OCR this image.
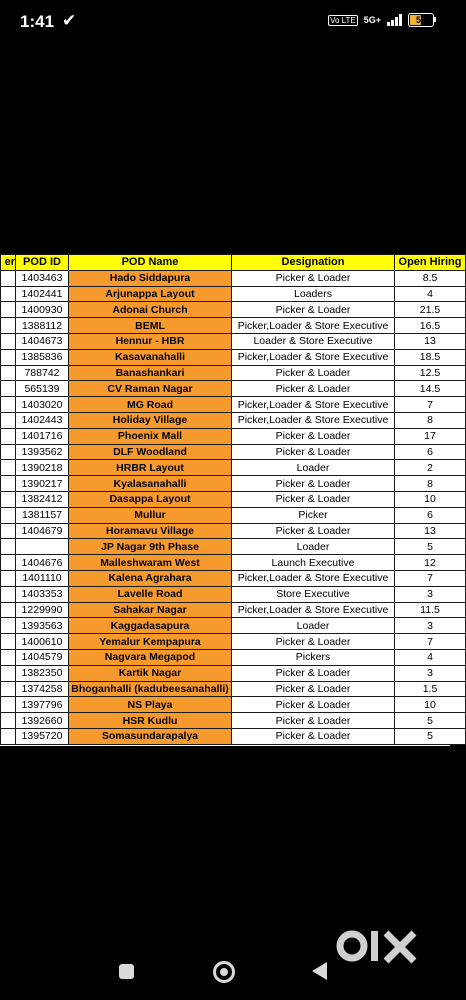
1:41 ✔	Vo LTE 5G+	55
er	POD ID	POD Name	Designation	Open Hiring
	1403463	Hado Siddapura	Picker & Loader	8.5
	1402441	Arjunappa Layout	Loaders	4
	1400930	Adonai Church	Picker & Loader	21.5
	1388112	BEML	Picker,Loader & Store Executive	16.5
	1404673	Hennur - HBR	Loader & Store Executive	13
	1385836	Kasavanahalli	Picker,Loader & Store Executive	18.5
	788742	Banashankari	Picker & Loader	12.5
	565139	CV Raman Nagar	Picker & Loader	14.5
	1403020	MG Road	Picker,Loader & Store Executive	7
	1402443	Holiday Village	Picker,Loader & Store Executive	8
	1401716	Phoenix Mall	Picker & Loader	17
	1393562	DLF Woodland	Picker & Loader	6
	1390218	HRBR Layout	Loader	2
	1390217	Kyalasanahalli	Picker & Loader	8
	1382412	Dasappa Layout	Picker & Loader	10
	1381157	Mullur	Picker	6
	1404679	Horamavu Village	Picker & Loader	13
		JP Nagar 9th Phase	Loader	5
	1404676	Malleshwaram West	Launch Executive	12
	1401110	Kalena Agrahara	Picker,Loader & Store Executive	7
	1403353	Lavelle Road	Store Executive	3
	1229990	Sahakar Nagar	Picker,Loader & Store Executive	11.5
	1393563	Kaggadasapura	Loader	3
	1400610	Yemalur Kempapura	Picker & Loader	7
	1404579	Nagvara Megapod	Pickers	4
	1382350	Kartik Nagar	Picker & Loader	3
	1374258	Bhoganhalli (kadubeesanahalli)	Picker & Loader	1.5
	1397796	NS Playa	Picker & Loader	10
	1392660	HSR Kudlu	Picker & Loader	5
	1395720	Somasundarapalya	Picker & Loader	5
